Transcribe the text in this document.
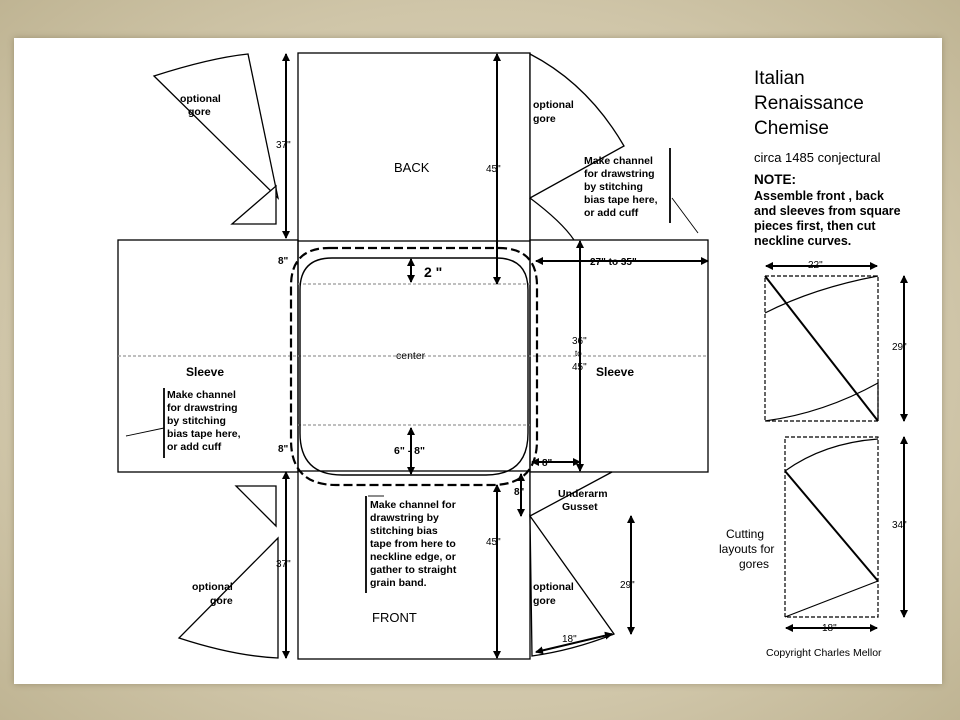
Italian
Renaissance
Chemise
circa 1485 conjectural
NOTE:
Assemble front , back
and sleeves from square
pieces first, then cut
neckline curves.
BACK
FRONT
Sleeve	Sleeve
center
Underarm
Gusset
optional
gore
optional
gore
optional
gore
optional
gore
Make channel
for drawstring
by stitching
bias tape here,
or add cuff
Make channel
for drawstring
by stitching
bias tape here,
or add cuff
Make channel for
drawstring by
stitching bias
tape from here to
neckline edge, or
gather to straight
grain band.
37"
37"
45"
45"
2 "
6" - 8"
8"
8"
27" to 35"
36"
to
45"
8"
8"
29"
18"
22"
29"
34"
18"
Cutting
layouts for
gores
Copyright Charles Mellor
